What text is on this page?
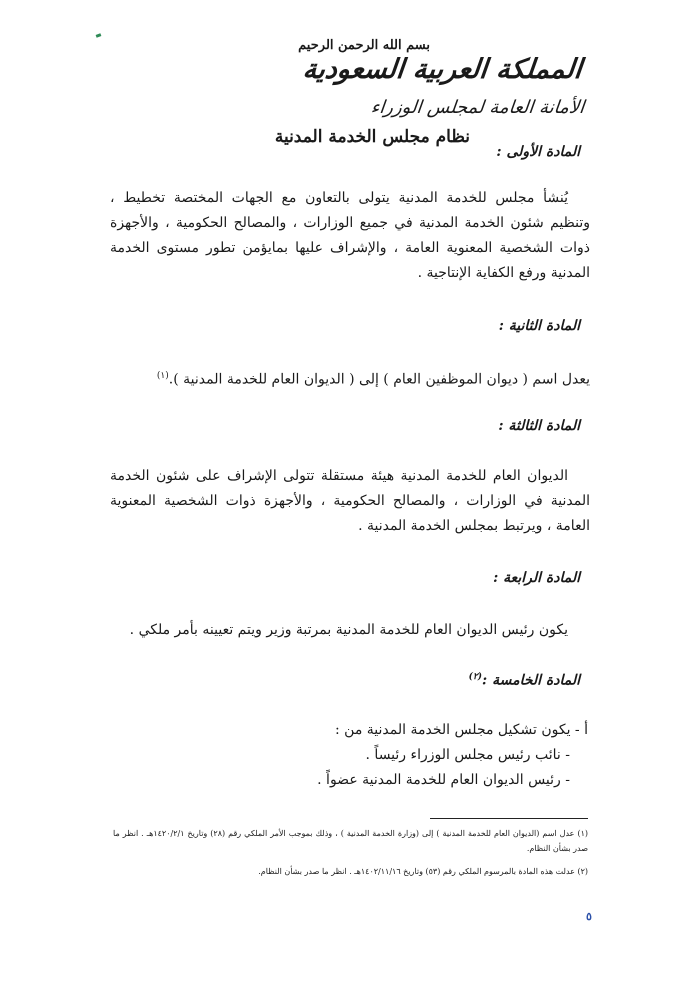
بسم الله الرحمن الرحيم
المملكة العربية السعودية
الأمانة العامة لمجلس الوزراء
نظام مجلس الخدمة المدنية
المادة الأولى :
يُنشأ مجلس للخدمة المدنية يتولى بالتعاون مع الجهات المختصة تخطيط ، وتنظيم شئون الخدمة المدنية في جميع الوزارات ، والمصالح الحكومية ، والأجهزة ذوات الشخصية المعنوية العامة ، والإشراف عليها بمايؤمن تطور مستوى الخدمة المدنية ورفع الكفاية الإنتاجية .
المادة الثانية :
يعدل اسم ( ديوان الموظفين العام ) إلى ( الديوان العام للخدمة المدنية ).$^{(١)}$
المادة الثالثة :
الديوان العام للخدمة المدنية هيئة مستقلة تتولى الإشراف على شئون الخدمة المدنية في الوزارات ، والمصالح الحكومية ، والأجهزة ذوات الشخصية المعنوية العامة ، ويرتبط بمجلس الخدمة المدنية .
المادة الرابعة :
يكون رئيس الديوان العام للخدمة المدنية بمرتبة وزير ويتم تعيينه بأمر ملكي .
المادة الخامسة :$^{(٢)}$
أ - يكون تشكيل مجلس الخدمة المدنية من :
- نائب رئيس مجلس الوزراء رئيساً .
- رئيس الديوان العام للخدمة المدنية عضواً .
(١) عدل اسم (الديوان العام للخدمة المدنية ) إلى (وزارة الخدمة المدنية ) ، وذلك بموجب الأمر الملكي رقم (٢٨) وتاريخ ١٤٢٠/٢/١هـ . انظر ما صدر بشأن النظام.
(٢) عدلت هذه المادة بالمرسوم الملكي رقم (٥٣) وتاريخ ١٤٠٢/١١/١٦هـ . انظر ما صدر بشأن النظام.
٥
